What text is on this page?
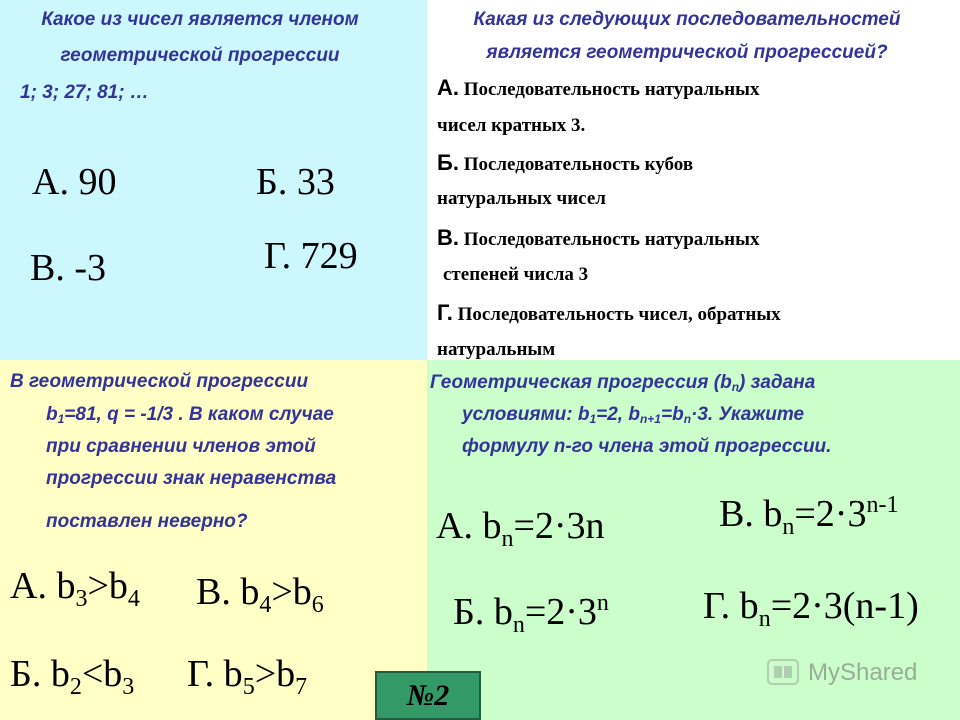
Какое из чисел является членом
геометрической прогрессии
1; 3; 27; 81; …
А. 90	Б. 33
В. -3	Г. 729
Какая из следующих последовательностей
является геометрической прогрессией?
А. Последовательность натуральных
чисел кратных 3.
Б. Последовательность кубов
натуральных чисел
В. Последовательность натуральных
степеней числа 3
Г. Последовательность чисел, обратных
натуральным
В геометрической прогрессии
$b_1=81$, q = -1/3 . В каком случае
при сравнении членов этой
прогрессии знак неравенства
поставлен неверно?
А. $b_3>b_4$ В. $b_4>b_6$
Б. $b_2<b_3$ Г. $b_5>b_7$
Геометрическая прогрессия $(b_n)$ задана
условиями: $b_1=2$, $b_{n+1}=b_n\cdot 3$. Укажите
формулу n-го члена этой прогрессии.
А. $b_n=2\cdot 3n$	В. $b_n=2\cdot 3^{n-1}$
Б. $b_n=2\cdot 3^n$ Г. $b_n=2\cdot 3(n-1)$
MyShared
№2
